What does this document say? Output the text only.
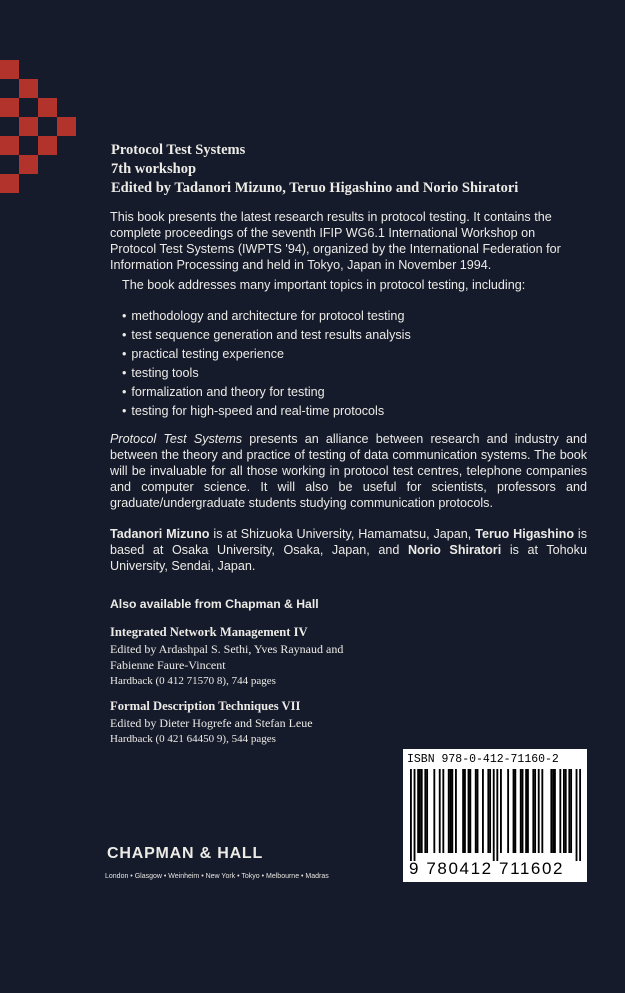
Protocol Test Systems
7th workshop
Edited by Tadanori Mizuno, Teruo Higashino and Norio Shiratori
This book presents the latest research results in protocol testing. It contains the
complete proceedings of the seventh IFIP WG6.1 International Workshop on
Protocol Test Systems (IWPTS '94), organized by the International Federation for
Information Processing and held in Tokyo, Japan in November 1994.
The book addresses many important topics in protocol testing, including:
• methodology and architecture for protocol testing
• test sequence generation and test results analysis
• practical testing experience
• testing tools
• formalization and theory for testing
• testing for high-speed and real-time protocols
Protocol Test Systems presents an alliance between research and industry and between the theory and practice of testing of data communication systems. The book will be invaluable for all those working in protocol test centres, telephone companies and computer science. It will also be useful for scientists, professors and graduate/undergraduate students studying communication protocols.
Tadanori Mizuno is at Shizuoka University, Hamamatsu, Japan, Teruo Higashino is based at Osaka University, Osaka, Japan, and Norio Shiratori is at Tohoku University, Sendai, Japan.
Also available from Chapman & Hall
Integrated Network Management IV
Edited by Ardashpal S. Sethi, Yves Raynaud and
Fabienne Faure-Vincent
Hardback (0 412 71570 8), 744 pages
Formal Description Techniques VII
Edited by Dieter Hogrefe and Stefan Leue
Hardback (0 421 64450 9), 544 pages
CHAPMAN & HALL
London • Glasgow • Weinheim • New York • Tokyo • Melbourne • Madras
ISBN 978-0-412-71160-2
9 780412 711602
